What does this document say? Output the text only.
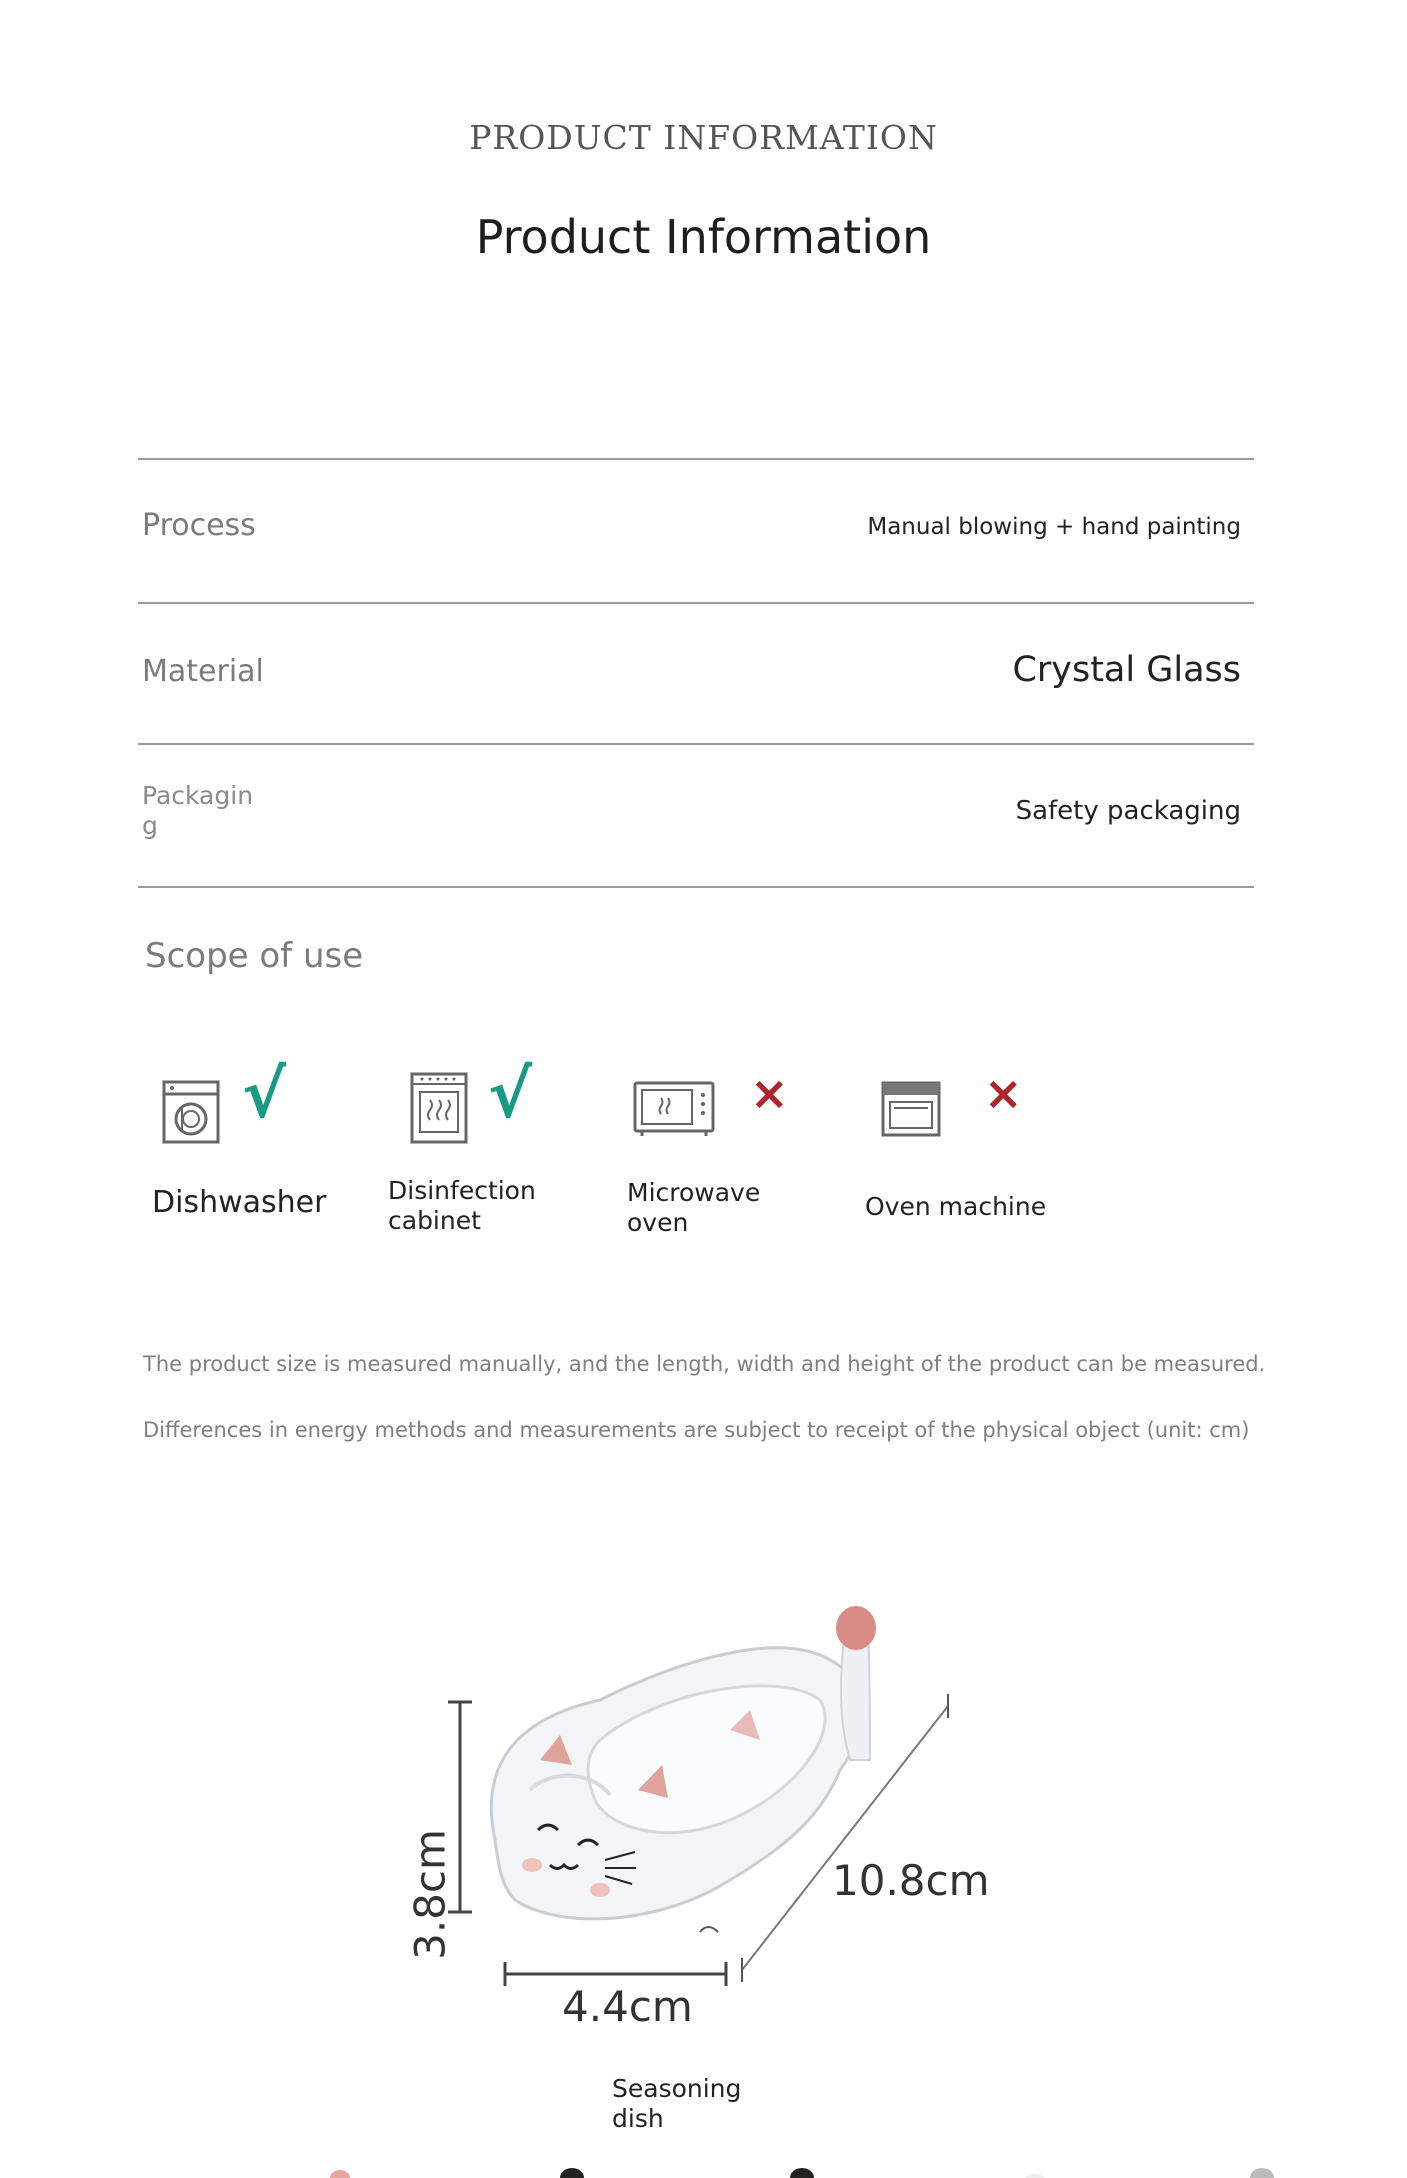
PRODUCT INFORMATION
Product Information
Process	Manual blowing + hand painting
Material	Crystal Glass
Packagin
g	Safety packaging
Scope of use
√
Dishwasher
√
Disinfection
cabinet
×
Microwave
oven
×
Oven machine
The product size is measured manually, and the length, width and height of the product can be measured.
Differences in energy methods and measurements are subject to receipt of the physical object (unit: cm)
3.8cm	10.8cm
4.4cm
Seasoning
dish
